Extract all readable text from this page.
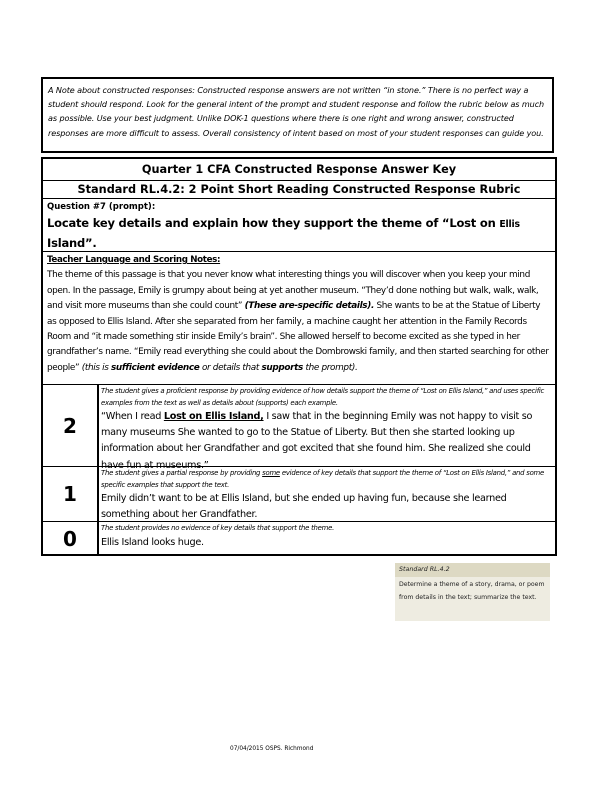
A Note about constructed responses: Constructed response answers are not written “in stone.” There is no perfect way a student should respond. Look for the general intent of the prompt and student response and follow the rubric below as much as possible. Use your best judgment. Unlike DOK-1 questions where there is one right and wrong answer, constructed responses are more difficult to assess. Overall consistency of intent based on most of your student responses can guide you.
Quarter 1 CFA Constructed Response Answer Key
Standard RL.4.2: 2 Point Short Reading Constructed Response Rubric
Question #7 (prompt):
Locate key details and explain how they support the theme of “Lost on Ellis
Island”.
Teacher Language and Scoring Notes:
The theme of this passage is that you never know what interesting things you will discover when you keep your mind open. In the passage, Emily is grumpy about being at yet another museum. “They’d done nothing but walk, walk, walk, and visit more museums than she could count” (These are-specific details). She wants to be at the Statue of Liberty as opposed to Ellis Island. After she separated from her family, a machine caught her attention in the Family Records Room and “it made something stir inside Emily’s brain”. She allowed herself to become excited as she typed in her grandfather’s name. “Emily read everything she could about the Dombrowski family, and then started searching for other people” (this is sufficient evidence or details that supports the prompt).
2
The student gives a proficient response by providing evidence of how details support the theme of “Lost on Ellis Island,” and uses specific examples from the text as well as details about (supports) each example.
“When I read Lost on Ellis Island, I saw that in the beginning Emily was not happy to visit so many museums She wanted to go to the Statue of Liberty. But then she started looking up information about her Grandfather and got excited that she found him. She realized she could have fun at museums.”
1
The student gives a partial response by providing some evidence of key details that support the theme of “Lost on Ellis Island,” and some specific examples that support the text.
Emily didn’t want to be at Ellis Island, but she ended up having fun, because she learned something about her Grandfather.
0	The student provides no evidence of key details that support the theme.
Ellis Island looks huge.
Standard RL.4.2
Determine a theme of a story, drama, or poem from details in the text; summarize the text.
07/04/2015 OSPS. Richmond
